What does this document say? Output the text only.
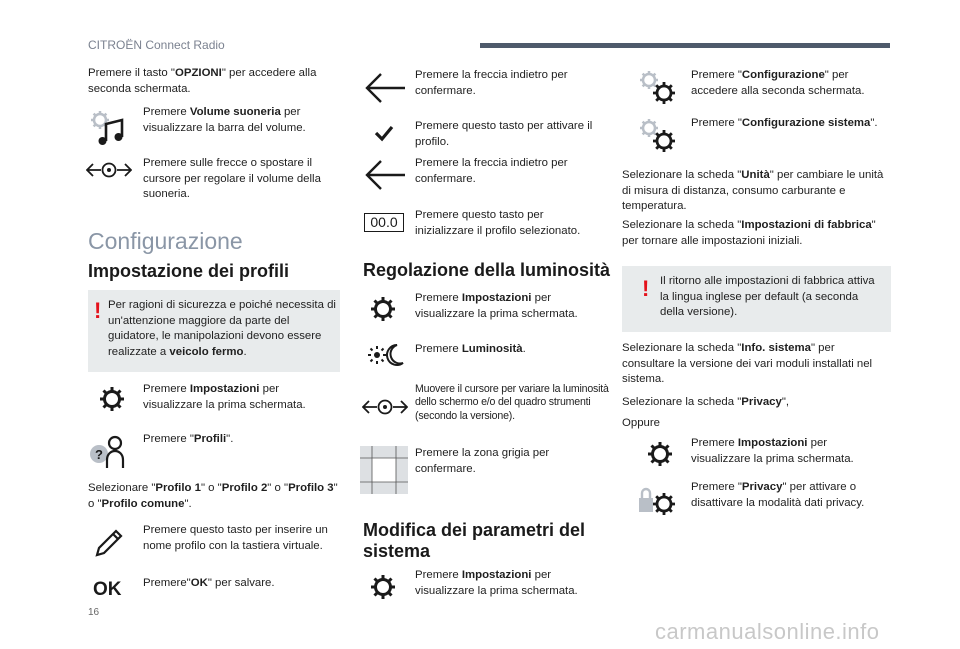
CITROËN Connect Radio
Premere il tasto "OPZIONI" per accedere alla seconda schermata.
Premere Volume suoneria per visualizzare la barra del volume.
Premere sulle frecce o spostare il cursore per regolare il volume della suoneria.
Configurazione
Impostazione dei profili
! Per ragioni di sicurezza e poiché necessita di un'attenzione maggiore da parte del guidatore, le manipolazioni devono essere realizzate a veicolo fermo.
Premere Impostazioni per visualizzare la prima schermata.
?
Premere "Profili".
Selezionare "Profilo 1" o "Profilo 2" o "Profilo 3" o "Profilo comune".
Premere questo tasto per inserire un nome profilo con la tastiera virtuale.
OK Premere"OK" per salvare.
16
Premere la freccia indietro per confermare.
Premere questo tasto per attivare il profilo.
Premere la freccia indietro per confermare.
00.0	Premere questo tasto per inizializzare il profilo selezionato.
Regolazione della luminosità
Premere Impostazioni per visualizzare la prima schermata.
Premere Luminosità.
Muovere il cursore per variare la luminosità dello schermo e/o del quadro strumenti (secondo la versione).
Premere la zona grigia per confermare.
Modifica dei parametri del sistema
Premere Impostazioni per visualizzare la prima schermata.
Premere "Configurazione" per accedere alla seconda schermata.
Premere "Configurazione sistema".
Selezionare la scheda "Unità" per cambiare le unità di misura di distanza, consumo carburante e temperatura.
Selezionare la scheda "Impostazioni di fabbrica" per tornare alle impostazioni iniziali.
! Il ritorno alle impostazioni di fabbrica attiva la lingua inglese per default (a seconda della versione).
Selezionare la scheda "Info. sistema" per consultare la versione dei vari moduli installati nel sistema.
Selezionare la scheda "Privacy",
Oppure
Premere Impostazioni per visualizzare la prima schermata.
Premere "Privacy" per attivare o disattivare la modalità dati privacy.
carmanualsonline.info
